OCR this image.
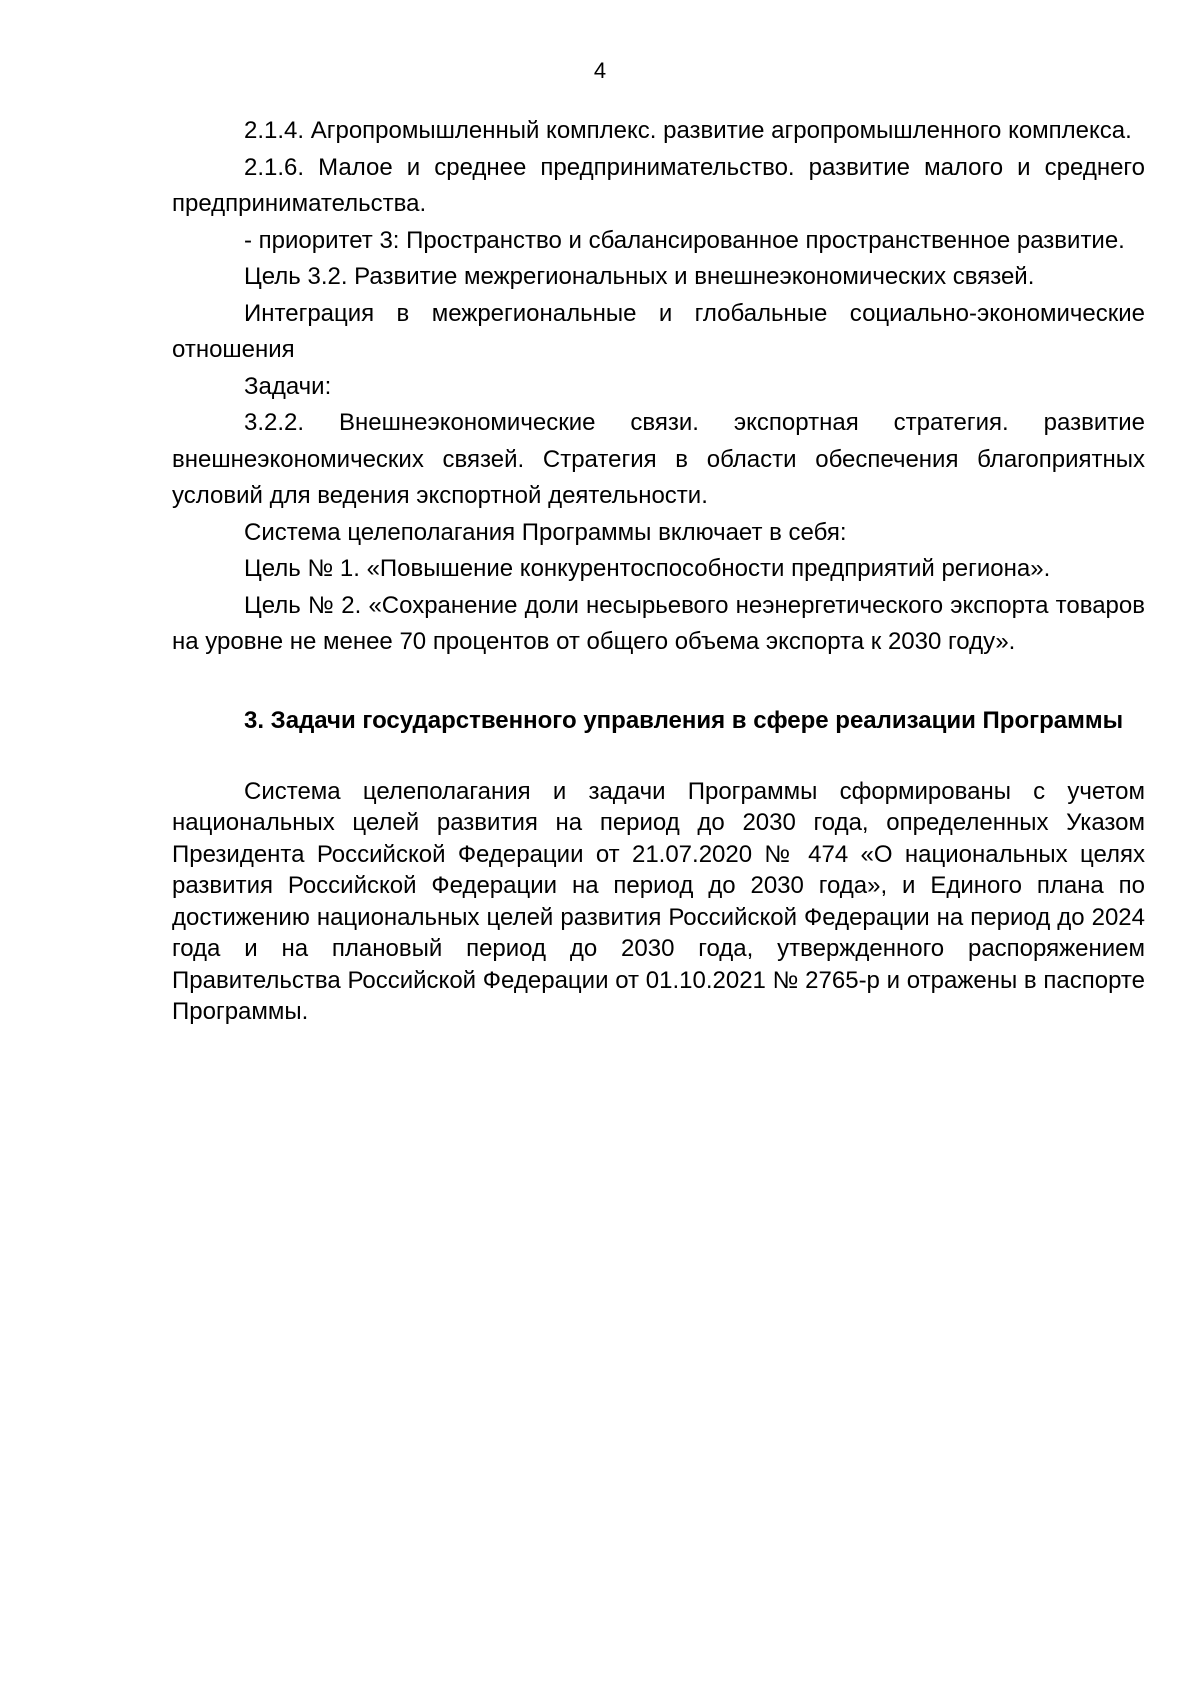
4

2.1.4. Агропромышленный комплекс. развитие агропромышленного комплекса.

2.1.6. Малое и среднее предпринимательство. развитие малого и среднего предпринимательства.

- приоритет 3: Пространство и сбалансированное пространственное развитие.

Цель 3.2. Развитие межрегиональных и внешнеэкономических связей.

Интеграция в межрегиональные и глобальные социально-экономические отношения

Задачи:

3.2.2. Внешнеэкономические связи. экспортная стратегия. развитие внешнеэкономических связей. Стратегия в области обеспечения благоприятных условий для ведения экспортной деятельности.

Система целеполагания Программы включает в себя:

Цель № 1. «Повышение конкурентоспособности предприятий региона».

Цель № 2. «Сохранение доли несырьевого неэнергетического экспорта товаров на уровне не менее 70 процентов от общего объема экспорта к 2030 году».

3. Задачи государственного управления в сфере реализации Программы

Система целеполагания и задачи Программы сформированы с учетом национальных целей развития на период до 2030 года, определенных Указом Президента Российской Федерации от 21.07.2020 № 474 «О национальных целях развития Российской Федерации на период до 2030 года», и Единого плана по достижению национальных целей развития Российской Федерации на период до 2024 года и на плановый период до 2030 года, утвержденного распоряжением Правительства Российской Федерации от 01.10.2021 № 2765-р и отражены в паспорте Программы.
